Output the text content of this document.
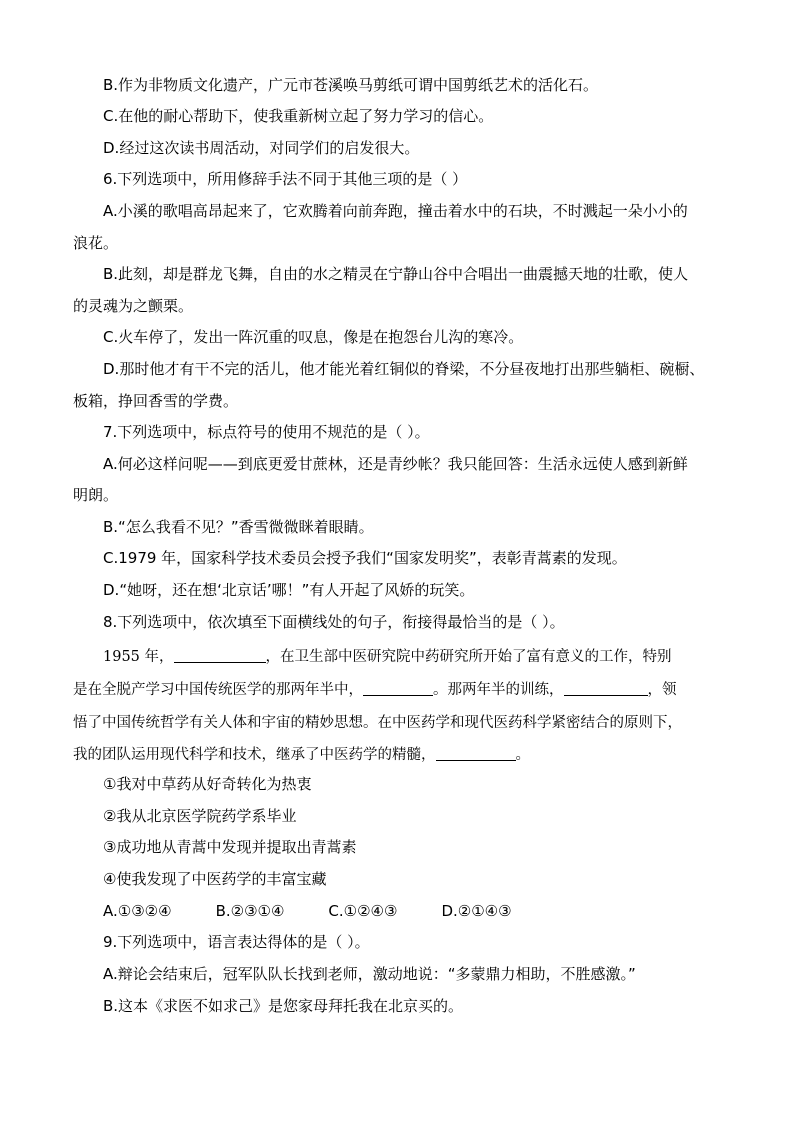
B.作为非物质文化遗产，广元市苍溪唤马剪纸可谓中国剪纸艺术的活化石。
C.在他的耐心帮助下，使我重新树立起了努力学习的信心。
D.经过这次读书周活动，对同学们的启发很大。
6.下列选项中，所用修辞手法不同于其他三项的是（ ）
A.小溪的歌唱高昂起来了，它欢腾着向前奔跑，撞击着水中的石块，不时溅起一朵小小的
浪花。
B.此刻，却是群龙飞舞，自由的水之精灵在宁静山谷中合唱出一曲震撼天地的壮歌，使人
的灵魂为之颤栗。
C.火车停了，发出一阵沉重的叹息，像是在抱怨台儿沟的寒冷。
D.那时他才有干不完的活儿，他才能光着红铜似的脊梁，不分昼夜地打出那些躺柜、碗橱、
板箱，挣回香雪的学费。
7.下列选项中，标点符号的使用不规范的是（ ）。
A.何必这样问呢——到底更爱甘蔗林，还是青纱帐？我只能回答：生活永远使人感到新鲜
明朗。
B.“怎么我看不见？”香雪微微眯着眼睛。
C.1979 年，国家科学技术委员会授予我们“国家发明奖”，表彰青蒿素的发现。
D.“她呀，还在想‘北京话’哪！”有人开起了风娇的玩笑。
8.下列选项中，依次填至下面横线处的句子，衔接得最恰当的是（ ）。
1955 年，	，在卫生部中医研究院中药研究所开始了富有意义的工作，特别
是在全脱产学习中国传统医学的那两年半中，	。那两年半的训练，	，领
悟了中国传统哲学有关人体和宇宙的精妙思想。在中医药学和现代医药科学紧密结合的原则下，
我的团队运用现代科学和技术，继承了中医药学的精髓，	。
①我对中草药从好奇转化为热衷
②我从北京医学院药学系毕业
③成功地从青蒿中发现并提取出青蒿素
④使我发现了中医药学的丰富宝藏
A.①③②④	B.②③①④	C.①②④③	D.②①④③
9.下列选项中，语言表达得体的是（ ）。
A.辩论会结束后，冠军队队长找到老师，激动地说：“多蒙鼎力相助，不胜感激。”
B.这本《求医不如求己》是您家母拜托我在北京买的。
